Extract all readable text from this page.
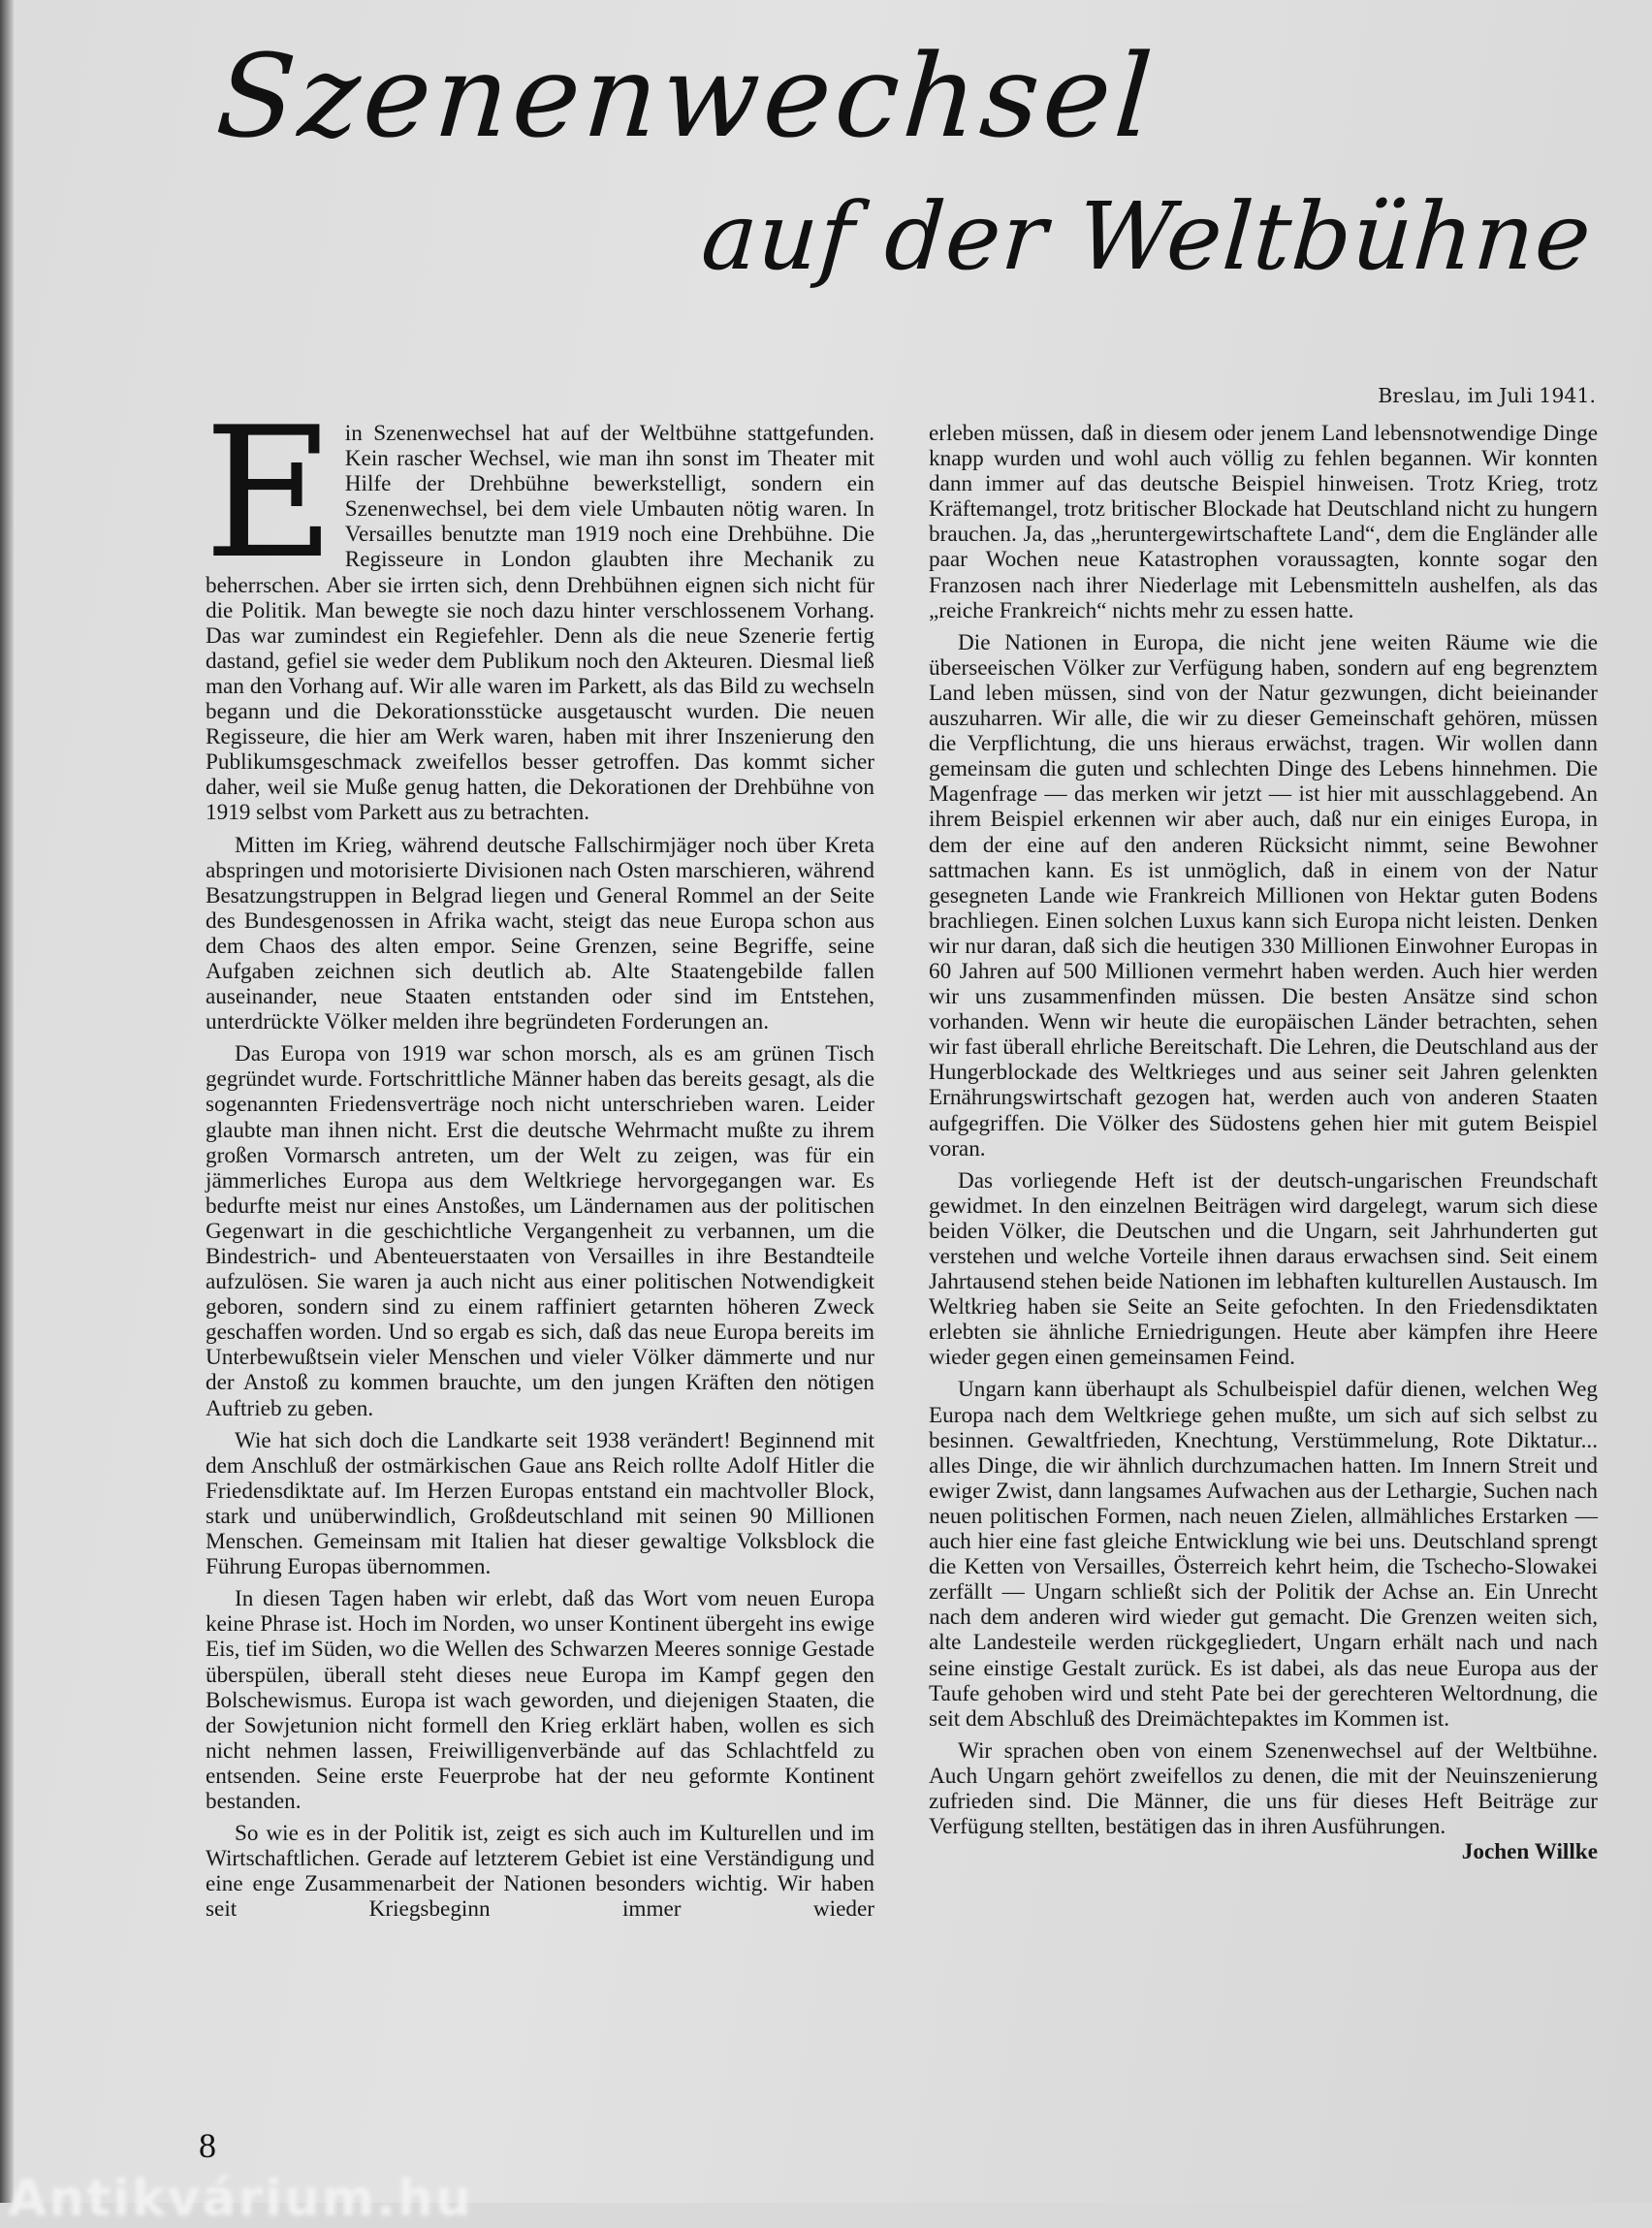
Szenenwechsel
auf der Weltbühne
Breslau, im Juli 1941.

Ein Szenenwechsel hat auf der Weltbühne stattgefunden. Kein rascher Wechsel, wie man ihn sonst im Theater mit Hilfe der Drehbühne bewerkstelligt, sondern ein Szenenwechsel, bei dem viele Umbauten nötig waren. In Versailles benutzte man 1919 noch eine Drehbühne. Die Regisseure in London glaubten ihre Mechanik zu beherrschen. Aber sie irrten sich, denn Drehbühnen eignen sich nicht für die Politik. Man bewegte sie noch dazu hinter verschlossenem Vorhang. Das war zumindest ein Regiefehler. Denn als die neue Szenerie fertig dastand, gefiel sie weder dem Publikum noch den Akteuren. Diesmal ließ man den Vorhang auf. Wir alle waren im Parkett, als das Bild zu wechseln begann und die Dekorationsstücke ausgetauscht wurden. Die neuen Regisseure, die hier am Werk waren, haben mit ihrer Inszenierung den Publikumsgeschmack zweifellos besser getroffen. Das kommt sicher daher, weil sie Muße genug hatten, die Dekorationen der Drehbühne von 1919 selbst vom Parkett aus zu betrachten.

Mitten im Krieg, während deutsche Fallschirmjäger noch über Kreta abspringen und motorisierte Divisionen nach Osten marschieren, während Besatzungstruppen in Belgrad liegen und General Rommel an der Seite des Bundesgenossen in Afrika wacht, steigt das neue Europa schon aus dem Chaos des alten empor. Seine Grenzen, seine Begriffe, seine Aufgaben zeichnen sich deutlich ab. Alte Staatengebilde fallen auseinander, neue Staaten entstanden oder sind im Entstehen, unterdrückte Völker melden ihre begründeten Forderungen an.

Das Europa von 1919 war schon morsch, als es am grünen Tisch gegründet wurde. Fortschrittliche Männer haben das bereits gesagt, als die sogenannten Friedensverträge noch nicht unterschrieben waren. Leider glaubte man ihnen nicht. Erst die deutsche Wehrmacht mußte zu ihrem großen Vormarsch antreten, um der Welt zu zeigen, was für ein jämmerliches Europa aus dem Weltkriege hervorgegangen war. Es bedurfte meist nur eines Anstoßes, um Ländernamen aus der politischen Gegenwart in die geschichtliche Vergangenheit zu verbannen, um die Bindestrich- und Abenteuerstaaten von Versailles in ihre Bestandteile aufzulösen. Sie waren ja auch nicht aus einer politischen Notwendigkeit geboren, sondern sind zu einem raffiniert getarnten höheren Zweck geschaffen worden. Und so ergab es sich, daß das neue Europa bereits im Unterbewußtsein vieler Menschen und vieler Völker dämmerte und nur der Anstoß zu kommen brauchte, um den jungen Kräften den nötigen Auftrieb zu geben.

Wie hat sich doch die Landkarte seit 1938 verändert! Beginnend mit dem Anschluß der ostmärkischen Gaue ans Reich rollte Adolf Hitler die Friedensdiktate auf. Im Herzen Europas entstand ein machtvoller Block, stark und unüberwindlich, Großdeutschland mit seinen 90 Millionen Menschen. Gemeinsam mit Italien hat dieser gewaltige Volksblock die Führung Europas übernommen.

In diesen Tagen haben wir erlebt, daß das Wort vom neuen Europa keine Phrase ist. Hoch im Norden, wo unser Kontinent übergeht ins ewige Eis, tief im Süden, wo die Wellen des Schwarzen Meeres sonnige Gestade überspülen, überall steht dieses neue Europa im Kampf gegen den Bolschewismus. Europa ist wach geworden, und diejenigen Staaten, die der Sowjetunion nicht formell den Krieg erklärt haben, wollen es sich nicht nehmen lassen, Freiwilligenverbände auf das Schlachtfeld zu entsenden. Seine erste Feuerprobe hat der neu geformte Kontinent bestanden.

So wie es in der Politik ist, zeigt es sich auch im Kulturellen und im Wirtschaftlichen. Gerade auf letzterem Gebiet ist eine Verständigung und eine enge Zusammenarbeit der Nationen besonders wichtig. Wir haben seit Kriegsbeginn immer wieder

erleben müssen, daß in diesem oder jenem Land lebensnotwendige Dinge knapp wurden und wohl auch völlig zu fehlen begannen. Wir konnten dann immer auf das deutsche Beispiel hinweisen. Trotz Krieg, trotz Kräftemangel, trotz britischer Blockade hat Deutschland nicht zu hungern brauchen. Ja, das „heruntergewirtschaftete Land“, dem die Engländer alle paar Wochen neue Katastrophen voraussagten, konnte sogar den Franzosen nach ihrer Niederlage mit Lebensmitteln aushelfen, als das „reiche Frankreich“ nichts mehr zu essen hatte.

Die Nationen in Europa, die nicht jene weiten Räume wie die überseeischen Völker zur Verfügung haben, sondern auf eng begrenztem Land leben müssen, sind von der Natur gezwungen, dicht beieinander auszuharren. Wir alle, die wir zu dieser Gemeinschaft gehören, müssen die Verpflichtung, die uns hieraus erwächst, tragen. Wir wollen dann gemeinsam die guten und schlechten Dinge des Lebens hinnehmen. Die Magenfrage — das merken wir jetzt — ist hier mit ausschlaggebend. An ihrem Beispiel erkennen wir aber auch, daß nur ein einiges Europa, in dem der eine auf den anderen Rücksicht nimmt, seine Bewohner sattmachen kann. Es ist unmöglich, daß in einem von der Natur gesegneten Lande wie Frankreich Millionen von Hektar guten Bodens brachliegen. Einen solchen Luxus kann sich Europa nicht leisten. Denken wir nur daran, daß sich die heutigen 330 Millionen Einwohner Europas in 60 Jahren auf 500 Millionen vermehrt haben werden. Auch hier werden wir uns zusammenfinden müssen. Die besten Ansätze sind schon vorhanden. Wenn wir heute die europäischen Länder betrachten, sehen wir fast überall ehrliche Bereitschaft. Die Lehren, die Deutschland aus der Hungerblockade des Weltkrieges und aus seiner seit Jahren gelenkten Ernährungswirtschaft gezogen hat, werden auch von anderen Staaten aufgegriffen. Die Völker des Südostens gehen hier mit gutem Beispiel voran.

Das vorliegende Heft ist der deutsch-ungarischen Freundschaft gewidmet. In den einzelnen Beiträgen wird dargelegt, warum sich diese beiden Völker, die Deutschen und die Ungarn, seit Jahrhunderten gut verstehen und welche Vorteile ihnen daraus erwachsen sind. Seit einem Jahrtausend stehen beide Nationen im lebhaften kulturellen Austausch. Im Weltkrieg haben sie Seite an Seite gefochten. In den Friedensdiktaten erlebten sie ähnliche Erniedrigungen. Heute aber kämpfen ihre Heere wieder gegen einen gemeinsamen Feind.

Ungarn kann überhaupt als Schulbeispiel dafür dienen, welchen Weg Europa nach dem Weltkriege gehen mußte, um sich auf sich selbst zu besinnen. Gewaltfrieden, Knechtung, Verstümmelung, Rote Diktatur... alles Dinge, die wir ähnlich durchzumachen hatten. Im Innern Streit und ewiger Zwist, dann langsames Aufwachen aus der Lethargie, Suchen nach neuen politischen Formen, nach neuen Zielen, allmähliches Erstarken — auch hier eine fast gleiche Entwicklung wie bei uns. Deutschland sprengt die Ketten von Versailles, Österreich kehrt heim, die Tschecho-Slowakei zerfällt — Ungarn schließt sich der Politik der Achse an. Ein Unrecht nach dem anderen wird wieder gut gemacht. Die Grenzen weiten sich, alte Landesteile werden rückgegliedert, Ungarn erhält nach und nach seine einstige Gestalt zurück. Es ist dabei, als das neue Europa aus der Taufe gehoben wird und steht Pate bei der gerechteren Weltordnung, die seit dem Abschluß des Dreimächtepaktes im Kommen ist.

Wir sprachen oben von einem Szenenwechsel auf der Weltbühne. Auch Ungarn gehört zweifellos zu denen, die mit der Neuinszenierung zufrieden sind. Die Männer, die uns für dieses Heft Beiträge zur Verfügung stellten, bestätigen das in ihren Ausführungen.
Jochen Willke

8
Antikvárium.hu
